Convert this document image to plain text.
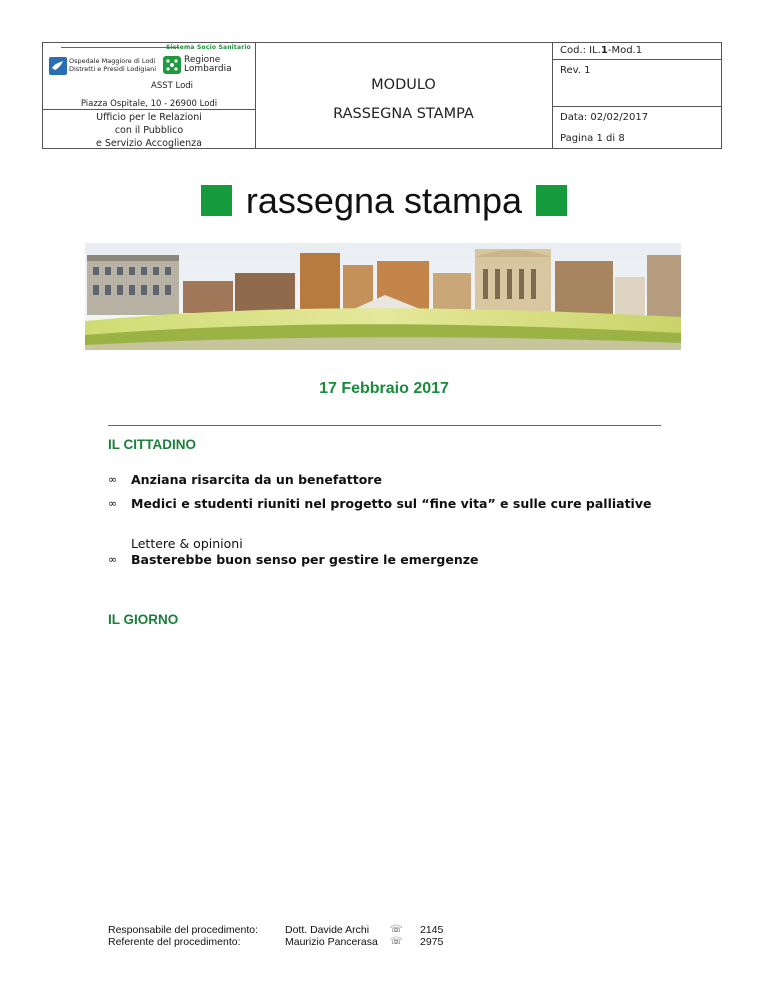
Sistema Socio Sanitario
Ospedale Maggiore di Lodi
Distretti e Presidi Lodigiani
ASST Lodi
Regione
Lombardia
Piazza Ospitale, 10 - 26900 Lodi
Ufficio per le Relazioni
con il Pubblico
e Servizio Accoglienza
MODULO
RASSEGNA STAMPA
Cod.: IL.1-Mod.1
Rev. 1
Data: 02/02/2017
Pagina 1 di 8
rassegna stampa
17 Febbraio 2017
IL CITTADINO
∞ Anziana risarcita da un benefattore
∞ Medici e studenti riuniti nel progetto sul “fine vita” e sulle cure palliative
∞
Lettere & opinioni
Basterebbe buon senso per gestire le emergenze
IL GIORNO
Responsabile del procedimento:
Referente del procedimento:
Dott. Davide Archi
Maurizio Pancerasa
☏
☏
2145
2975
